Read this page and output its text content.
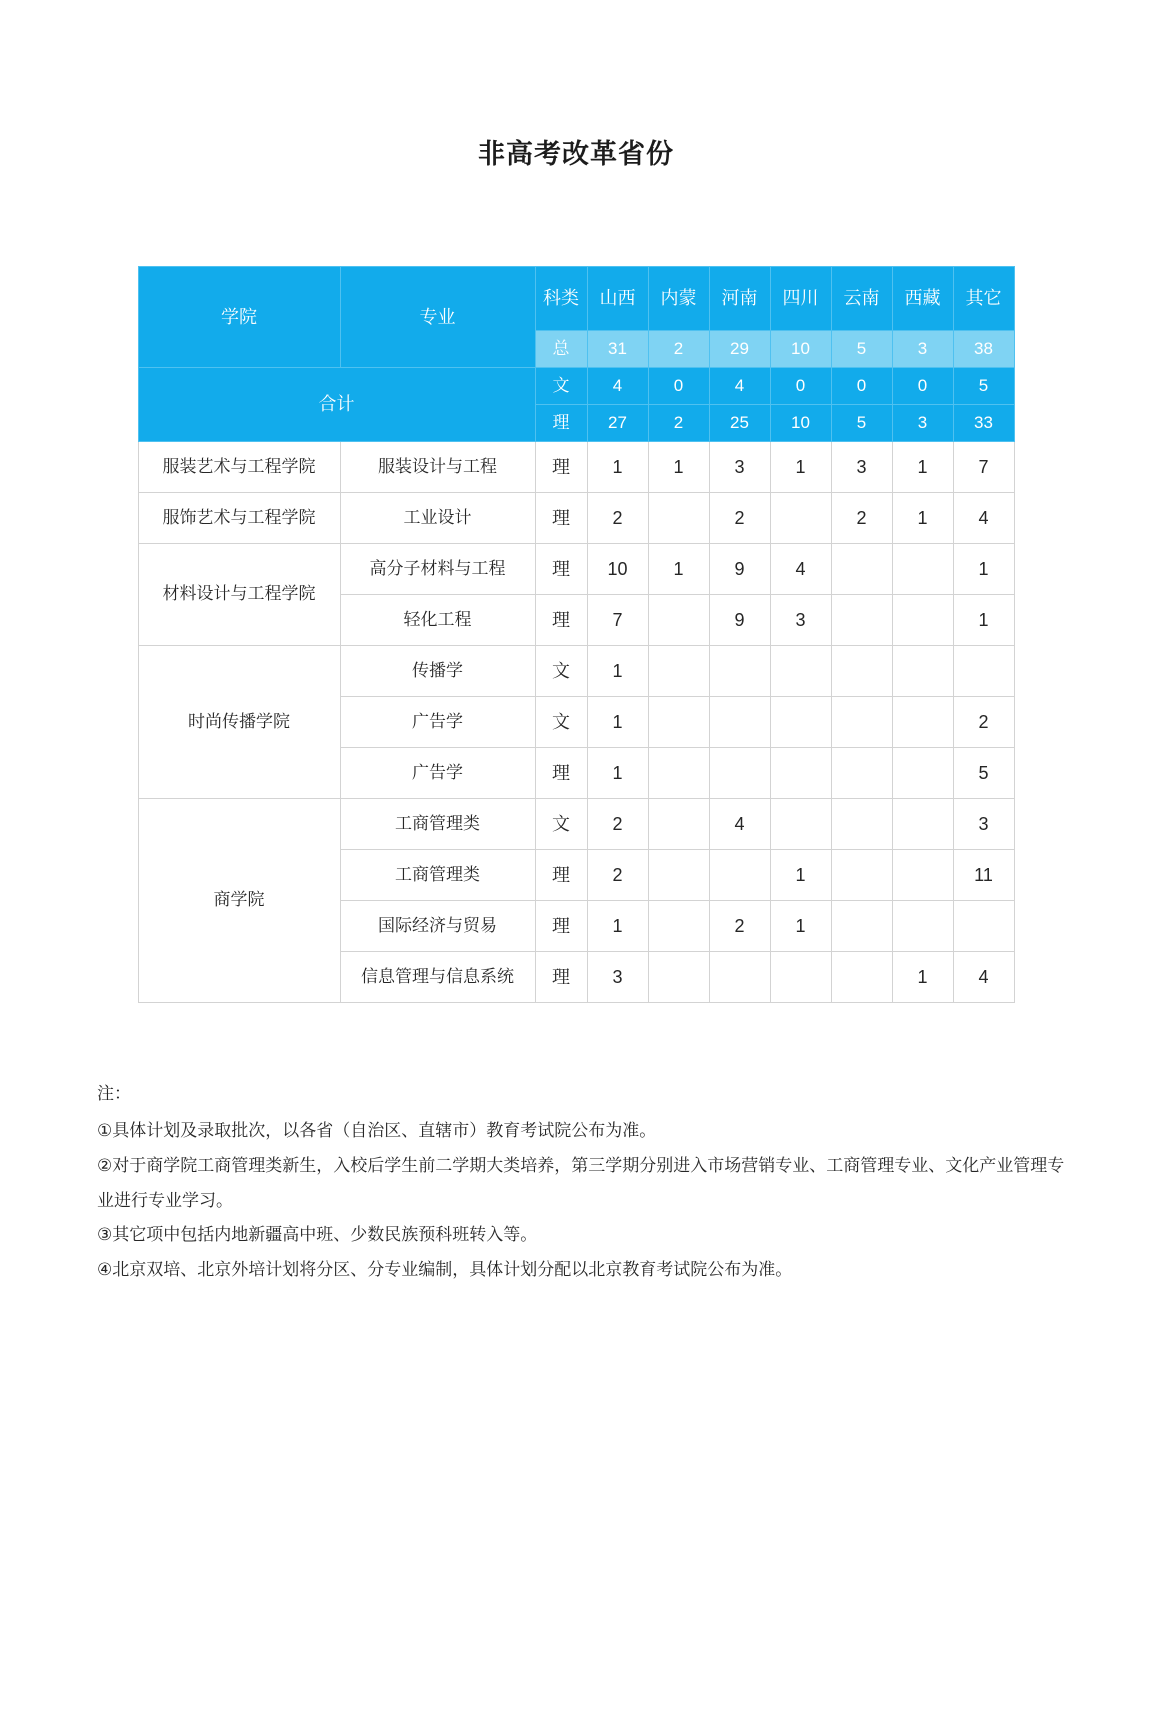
非高考改革省份
学院	专业	科类	山西	内蒙	河南	四川	云南	西藏	其它
		总	31	2	29	10	5	3	38
合计		文	4	0	4	0	0	0	5
		理	27	2	25	10	5	3	33
服装艺术与工程学院	服装设计与工程	理	1	1	3	1	3	1	7
服饰艺术与工程学院	工业设计	理	2		2		2	1	4
材料设计与工程学院	高分子材料与工程	理	10	1	9	4			1
	轻化工程	理	7		9	3			1
时尚传播学院	传播学	文	1						
	广告学	文	1						2
	广告学	理	1						5
商学院	工商管理类	文	2		4				3
	工商管理类	理	2			1			11
	国际经济与贸易	理	1		2	1			
	信息管理与信息系统	理	3					1	4

注：

①具体计划及录取批次，以各省（自治区、直辖市）教育考试院公布为准。

②对于商学院工商管理类新生，入校后学生前二学期大类培养，第三学期分别进入市场营销专业、工商管理专业、文化产业管理专业进行专业学习。

③其它项中包括内地新疆高中班、少数民族预科班转入等。

④北京双培、北京外培计划将分区、分专业编制，具体计划分配以北京教育考试院公布为准。
